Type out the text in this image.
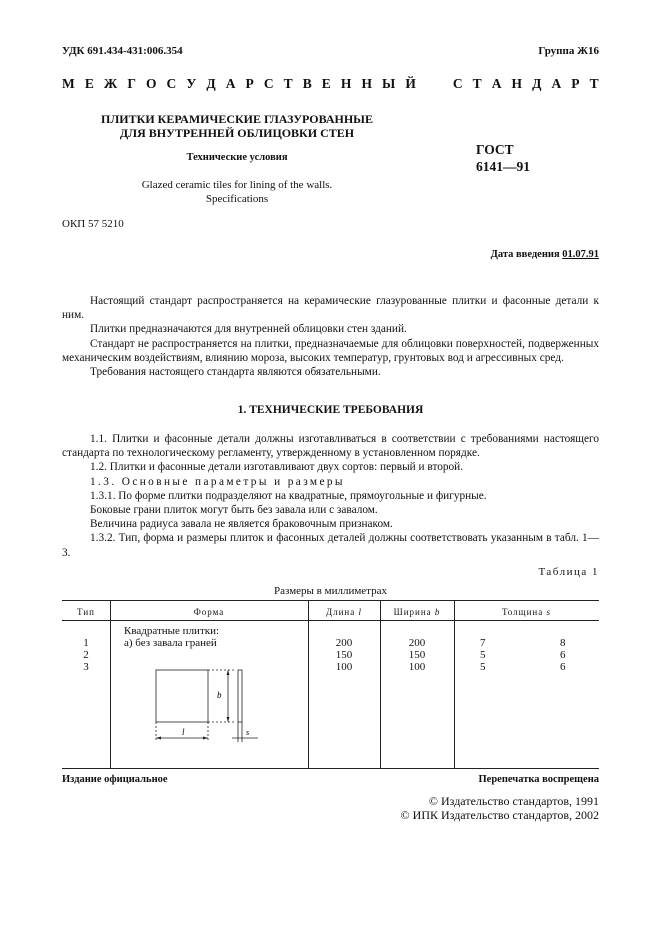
УДК 691.434-431:006.354	Группа Ж16
М Е Ж Г О С У Д А Р С Т В Е Н Н Ы Й

	С Т А Н Д А Р Т
ПЛИТКИ КЕРАМИЧЕСКИЕ ГЛАЗУРОВАННЫЕ
ДЛЯ ВНУТРЕННЕЙ ОБЛИЦОВКИ СТЕН
Технические условия
Glazed ceramic tiles for lining of the walls.
Specifications
ГОСТ
6141—91
ОКП 57 5210
Дата введения 01.07.91

Настоящий стандарт распространяется на керамические глазурованные плитки и фасонные детали к ним.

Плитки предназначаются для внутренней облицовки стен зданий.

Стандарт не распространяется на плитки, предназначаемые для облицовки поверхностей, подверженных механическим воздействиям, влиянию мороза, высоких температур, грунтовых вод и агрессивных сред.

Требования настоящего стандарта являются обязательными.

1. ТЕХНИЧЕСКИЕ ТРЕБОВАНИЯ

1.1. Плитки и фасонные детали должны изготавливаться в соответствии с требованиями настоящего стандарта по технологическому регламенту, утвержденному в установленном порядке.

1.2. Плитки и фасонные детали изготавливают двух сортов: первый и второй.

1.3. Основные параметры и размеры

1.3.1. По форме плитки подразделяют на квадратные, прямоугольные и фигурные.

Боковые грани плиток могут быть без завала или с завалом.

Величина радиуса завала не является браковочным признаком.

1.3.2. Тип, форма и размеры плиток и фасонных деталей должны соответствовать указанным в табл. 1—3.

Таблица 1
Размеры в миллиметрах
Тип	Форма	Длина l	Ширина b	Толщина s
Квадратные плитки:
а) без завала граней
1	200	200	7	8
2	150	150	5	6
3	100	100	5	6
l
b
s
Издание официальное	Перепечатка воспрещена
© Издательство стандартов, 1991
© ИПК Издательство стандартов, 2002
